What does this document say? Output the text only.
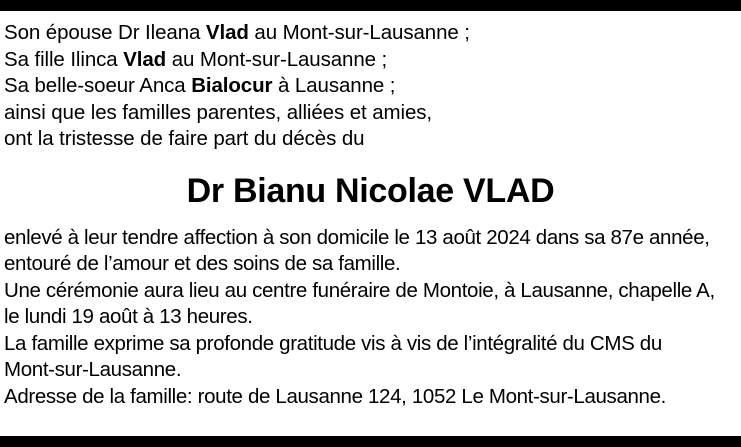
Son épouse Dr Ileana Vlad au Mont-sur-Lausanne ;
Sa fille Ilinca Vlad au Mont-sur-Lausanne ;
Sa belle-soeur Anca Bialocur à Lausanne ;
ainsi que les familles parentes, alliées et amies,
ont la tristesse de faire part du décès du
Dr Bianu Nicolae VLAD
enlevé à leur tendre affection à son domicile le 13 août 2024 dans sa 87e année,
entouré de l’amour et des soins de sa famille.
Une cérémonie aura lieu au centre funéraire de Montoie, à Lausanne, chapelle A,
le lundi 19 août à 13 heures.
La famille exprime sa profonde gratitude vis à vis de l’intégralité du CMS du
Mont-sur-Lausanne.
Adresse de la famille: route de Lausanne 124, 1052 Le Mont-sur-Lausanne.
